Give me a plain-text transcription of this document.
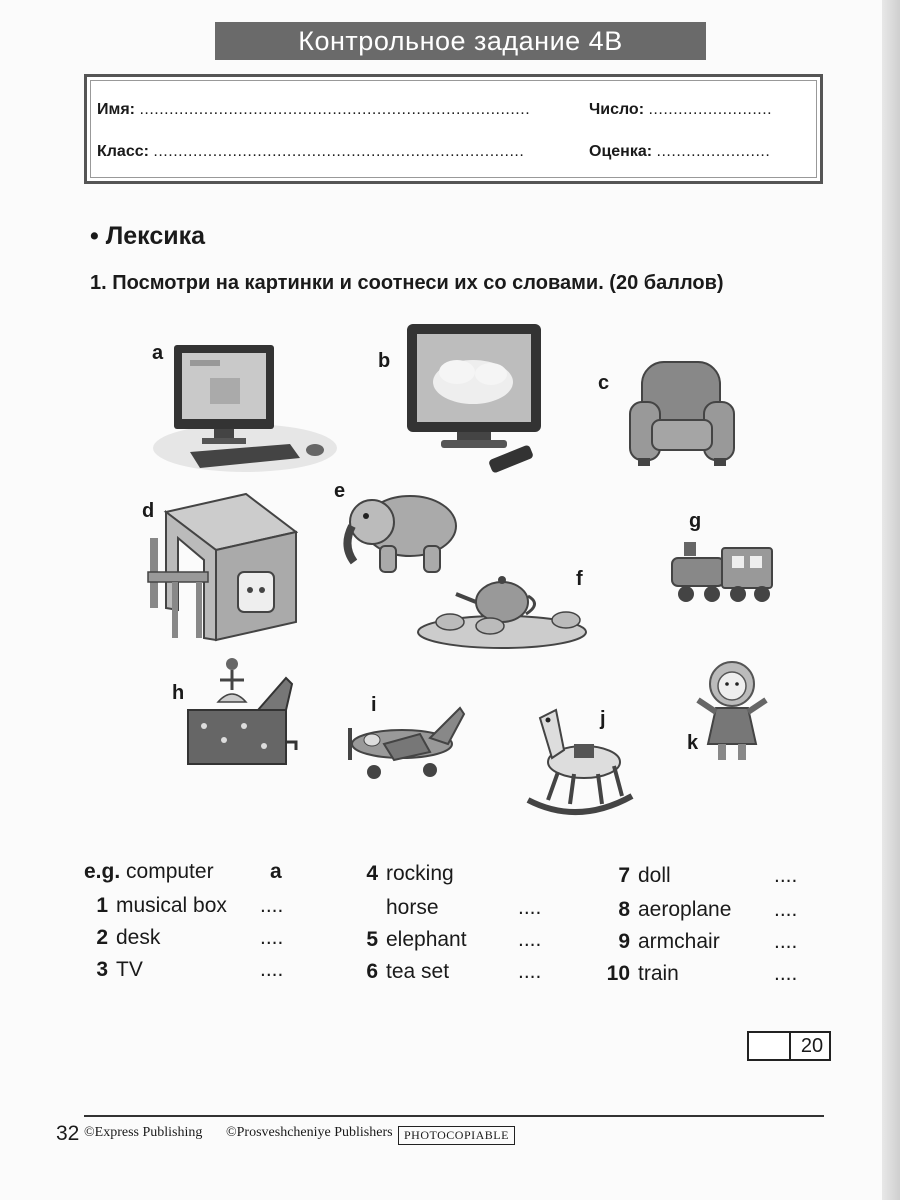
Контрольное задание 4B
Имя: ...............................................................................
Класс: ...........................................................................
Число: .........................
Оценка: .......................
• Лексика
1. Посмотри на картинки и соотнеси их со словами. (20 баллов)
a	b
c
d
e
f
g
h
i
j
k
e.g. computer	a
1 musical box ....
2 desk	....
3 TV	....
4 rocking
horse	....
5 elephant ....
6 tea set	....
7 doll	....
8 aeroplane ....
9 armchair	....
10 train	....
20
32 ©Express Publishing ©Prosveshcheniye Publishers PHOTOCOPIABLE
